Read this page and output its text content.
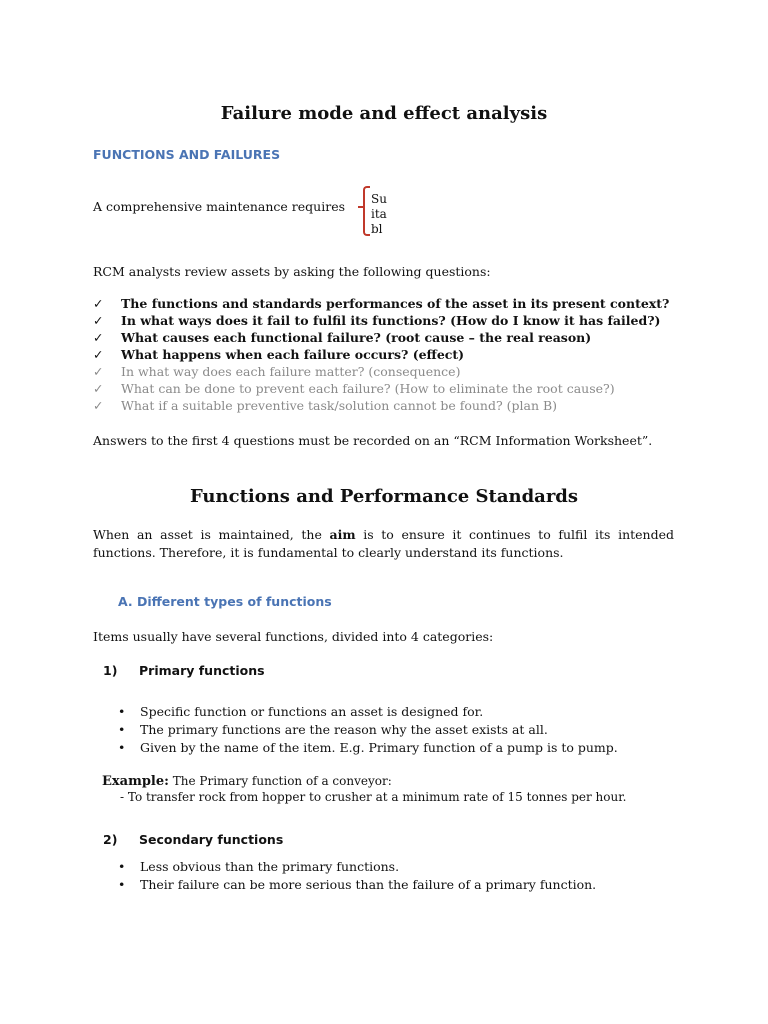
Failure mode and effect analysis
FUNCTIONS AND FAILURES
A comprehensive maintenance requires Su
ita
bl
RCM analysts review assets by asking the following questions:
✓ The functions and standards performances of the asset in its present context?
✓ In what ways does it fail to fulfil its functions? (How do I know it has failed?)
✓ What causes each functional failure? (root cause – the real reason)
✓ What happens when each failure occurs? (effect)
✓ In what way does each failure matter? (consequence)
✓ What can be done to prevent each failure? (How to eliminate the root cause?)
✓ What if a suitable preventive task/solution cannot be found? (plan B)
Answers to the first 4 questions must be recorded on an “RCM Information Worksheet”.
Functions and Performance Standards
When an asset is maintained, the aim is to ensure it continues to fulfil its intended functions. Therefore, it is fundamental to clearly understand its functions.
A. Different types of functions
Items usually have several functions, divided into 4 categories:
1) Primary functions
• Specific function or functions an asset is designed for.
• The primary functions are the reason why the asset exists at all.
• Given by the name of the item. E.g. Primary function of a pump is to pump.
Example: The Primary function of a conveyor:
- To transfer rock from hopper to crusher at a minimum rate of 15 tonnes per hour.
2) Secondary functions
• Less obvious than the primary functions.
• Their failure can be more serious than the failure of a primary function.
